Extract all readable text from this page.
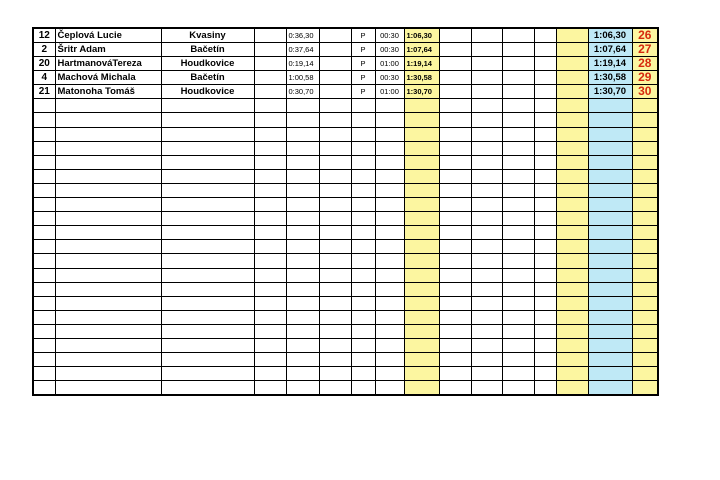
12	Čeplová Lucie	Kvasiny		0:36,30		P	00:30	1:06,30						1:06,30	26
2	Šritr Adam	Bačetín		0:37,64		P	00:30	1:07,64						1:07,64	27
20	HartmanováTereza	Houdkovice		0:19,14		P	01:00	1:19,14						1:19,14	28
4	Machová Michala	Bačetín		1:00,58		P	00:30	1:30,58						1:30,58	29
21	Matonoha Tomáš	Houdkovice		0:30,70		P	01:00	1:30,70						1:30,70	30
